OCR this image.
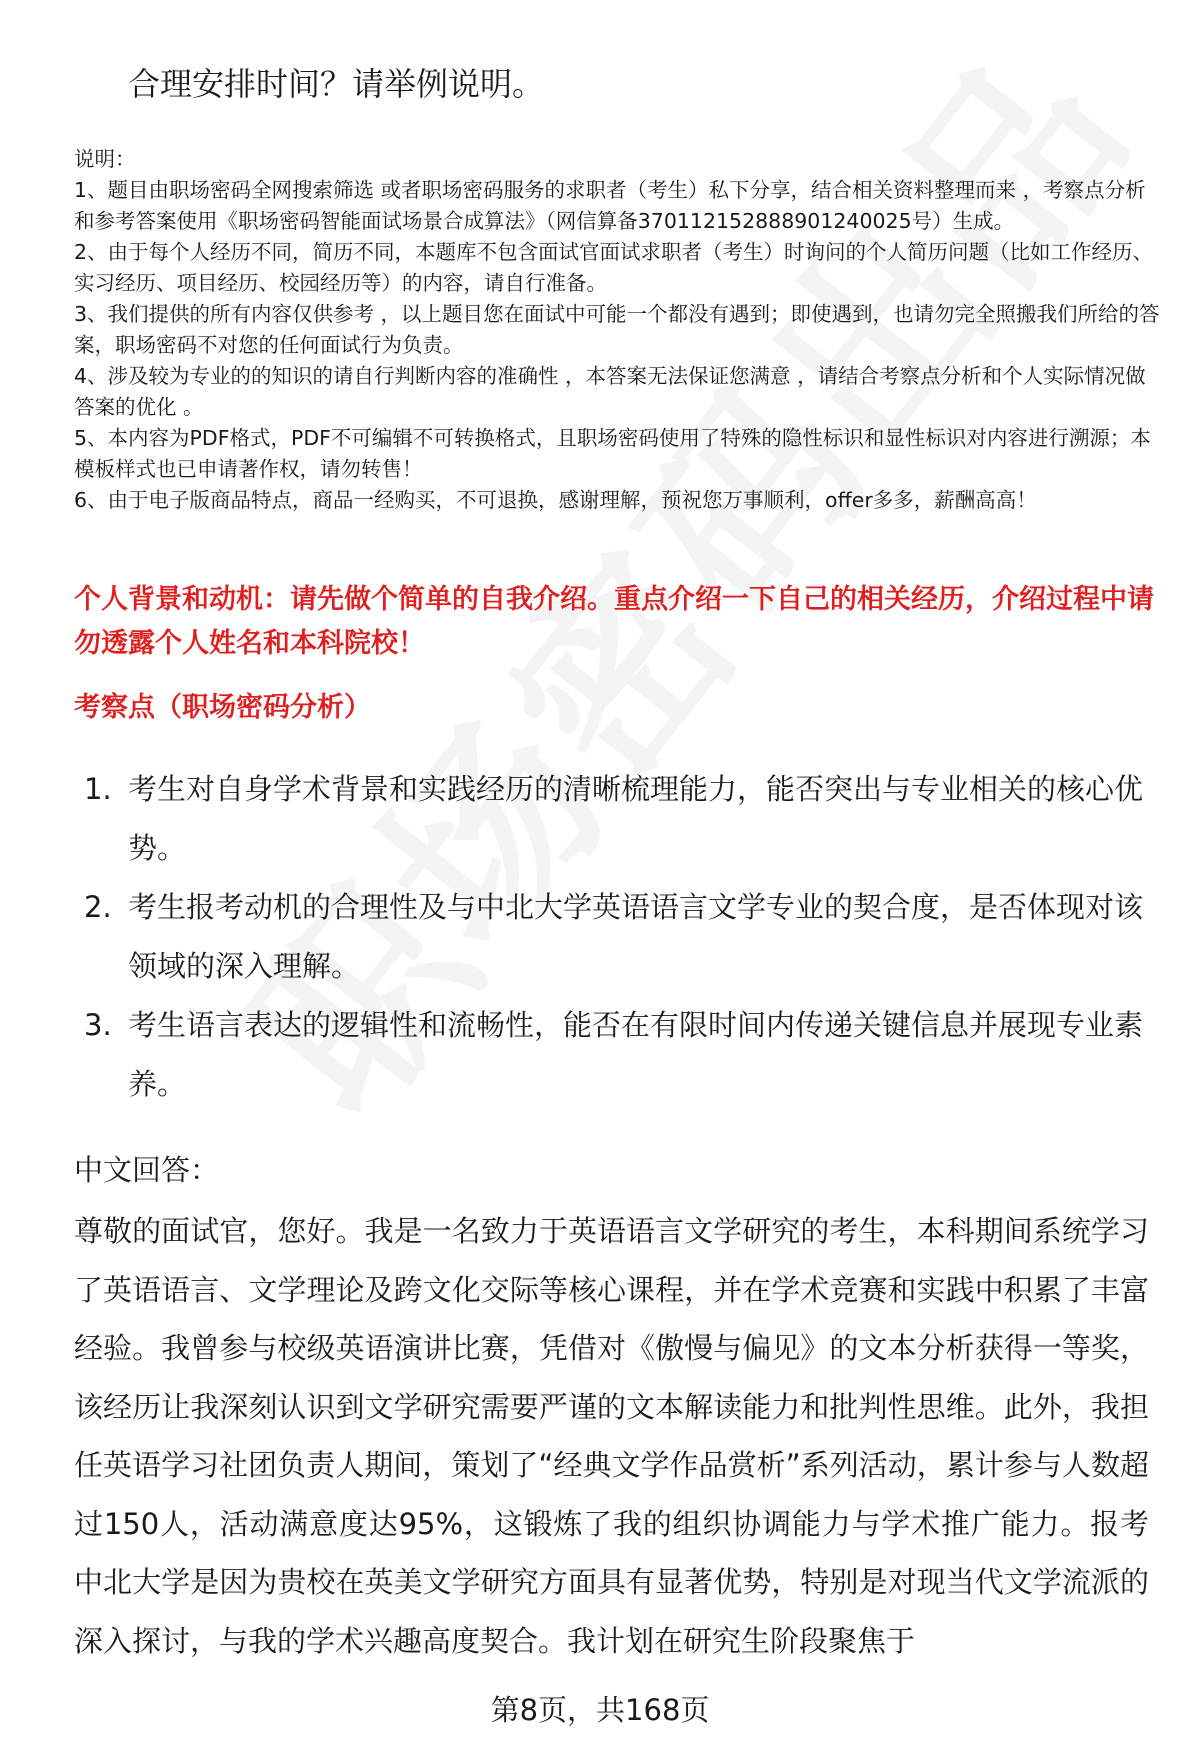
合理安排时间？请举例说明。
说明：
1、题目由职场密码全网搜索筛选 或者职场密码服务的求职者（考生）私下分享，结合相关资料整理而来 ，考察点分析和参考答案使用《职场密码智能面试场景合成算法》（网信算备370112152888901240025号）生成。
2、由于每个人经历不同，简历不同，本题库不包含面试官面试求职者（考生）时询问的个人简历问题（比如工作经历、实习经历、项目经历、校园经历等）的内容，请自行准备。
3、我们提供的所有内容仅供参考 ，以上题目您在面试中可能一个都没有遇到；即使遇到，也请勿完全照搬我们所给的答案，职场密码不对您的任何面试行为负责。
4、涉及较为专业的的知识的请自行判断内容的准确性 ，本答案无法保证您满意 ，请结合考察点分析和个人实际情况做答案的优化 。
5、本内容为PDF格式，PDF不可编辑不可转换格式，且职场密码使用了特殊的隐性标识和显性标识对内容进行溯源；本模板样式也已申请著作权，请勿转售！
6、由于电子版商品特点，商品一经购买，不可退换，感谢理解，预祝您万事顺利，offer多多，薪酬高高！
个人背景和动机：请先做个简单的自我介绍。重点介绍一下自己的相关经历，介绍过程中请勿透露个人姓名和本科院校！
考察点（职场密码分析）
1. 考生对自身学术背景和实践经历的清晰梳理能力，能否突出与专业相关的核心优势。
2. 考生报考动机的合理性及与中北大学英语语言文学专业的契合度，是否体现对该领域的深入理解。
3. 考生语言表达的逻辑性和流畅性，能否在有限时间内传递关键信息并展现专业素养。
中文回答：
尊敬的面试官，您好。我是一名致力于英语语言文学研究的考生，本科期间系统学习了英语语言、文学理论及跨文化交际等核心课程，并在学术竞赛和实践中积累了丰富经验。我曾参与校级英语演讲比赛，凭借对《傲慢与偏见》的文本分析获得一等奖，该经历让我深刻认识到文学研究需要严谨的文本解读能力和批判性思维。此外，我担任英语学习社团负责人期间，策划了“经典文学作品赏析”系列活动，累计参与人数超过150人，活动满意度达95%，这锻炼了我的组织协调能力与学术推广能力。报考中北大学是因为贵校在英美文学研究方面具有显著优势，特别是对现当代文学流派的深入探讨，与我的学术兴趣高度契合。我计划在研究生阶段聚焦于
第8页，共168页
